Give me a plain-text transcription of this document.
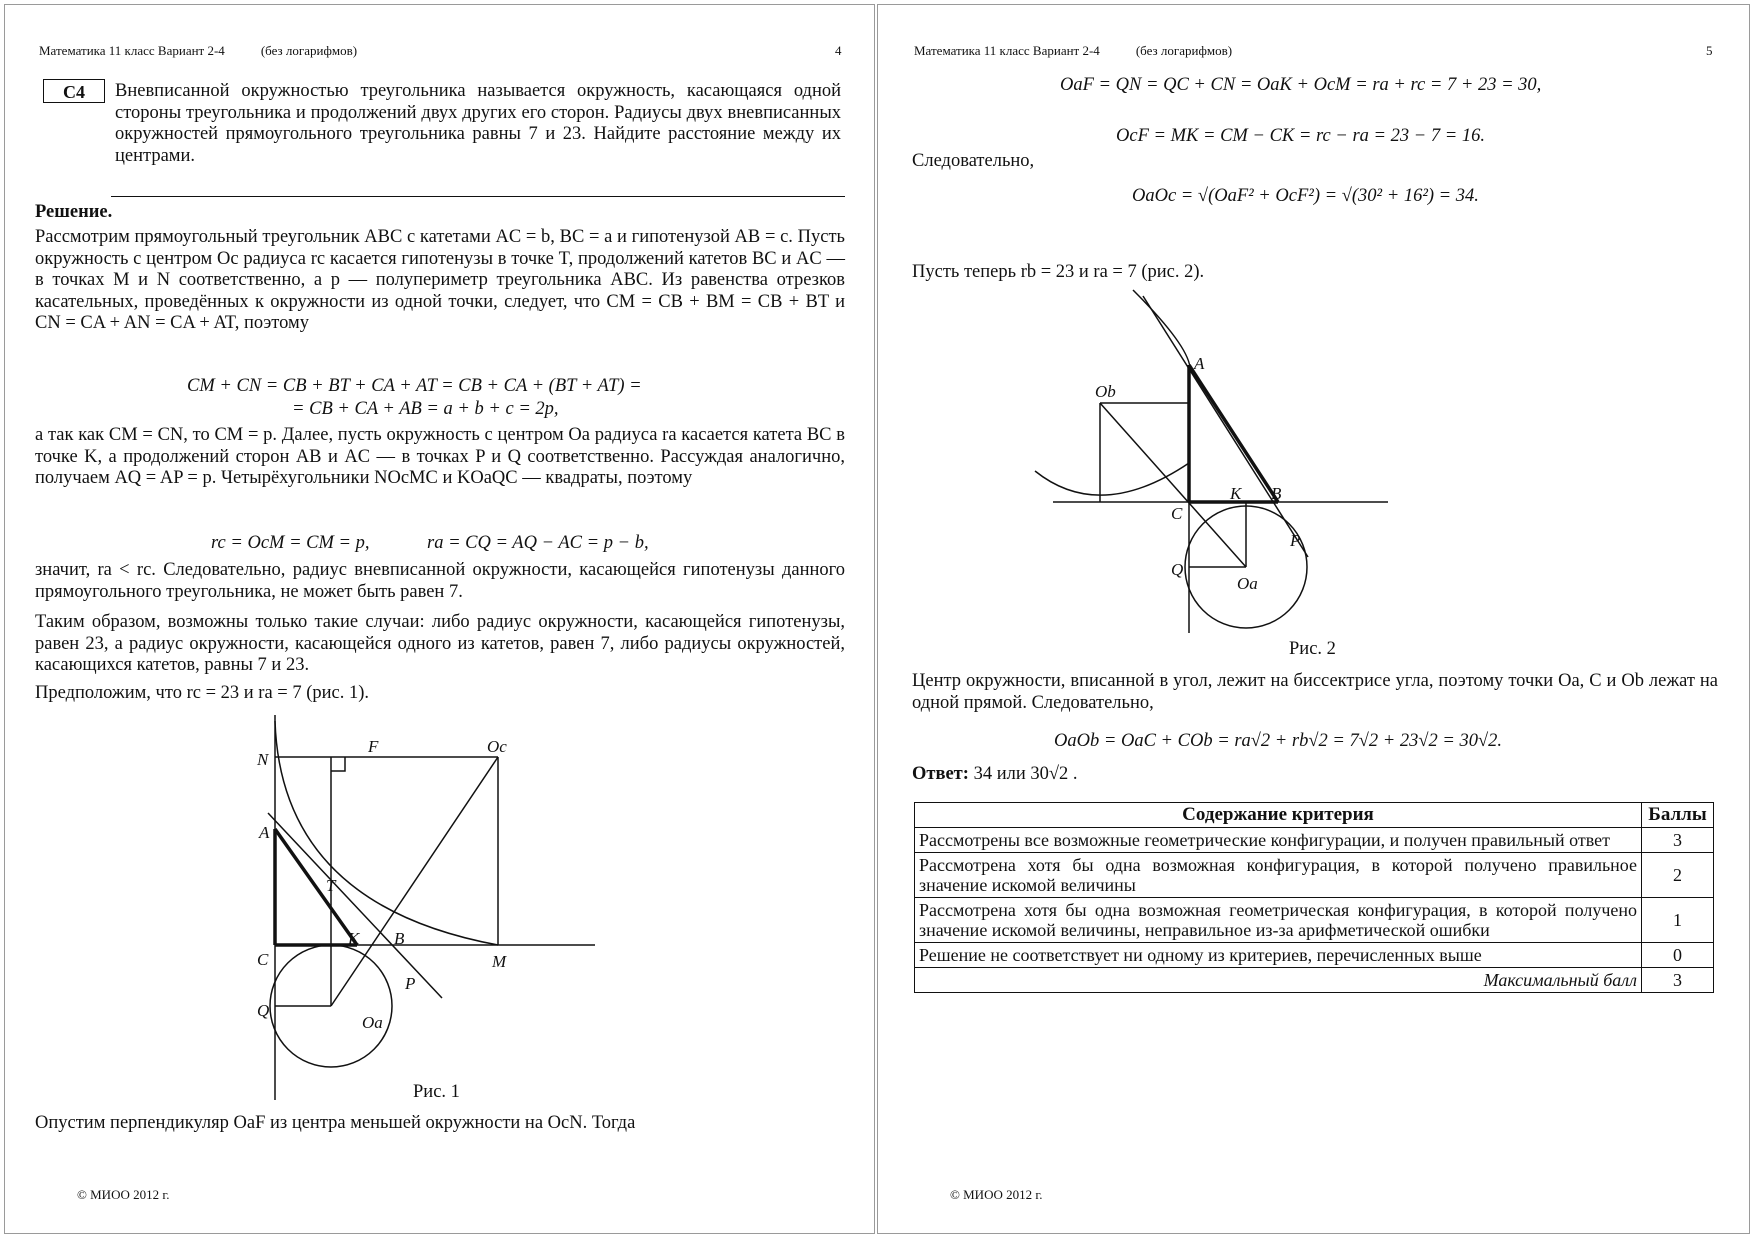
Математика 11 класс Вариант 2-4	(без логарифмов)	4
C4	Вневписанной окружностью треугольника называется окружность, касающаяся одной стороны треугольника и продолжений двух других его сторон. Радиусы двух вневписанных окружностей прямоугольного треугольника равны 7 и 23. Найдите расстояние между их центрами.
Решение.
Рассмотрим прямоугольный треугольник ABC с катетами AC = b, BC = a и гипотенузой AB = c. Пусть окружность с центром Oc радиуса rc касается гипотенузы в точке T, продолжений катетов BC и AC — в точках M и N соответственно, а p — полупериметр треугольника ABC. Из равенства отрезков касательных, проведённых к окружности из одной точки, следует, что CM = CB + BM = CB + BT и CN = CA + AN = CA + AT, поэтому
CM + CN = CB + BT + CA + AT = CB + CA + (BT + AT) =
= CB + CA + AB = a + b + c = 2p,
а так как CM = CN, то CM = p. Далее, пусть окружность с центром Oa радиуса ra касается катета BC в точке K, а продолжений сторон AB и AC — в точках P и Q соответственно. Рассуждая аналогично, получаем AQ = AP = p. Четырёхугольники NOcMC и KOaQC — квадраты, поэтому
rc = OcM = CM = p,	ra = CQ = AQ − AC = p − b,
значит, ra < rc. Следовательно, радиус вневписанной окружности, касающейся гипотенузы данного прямоугольного треугольника, не может быть равен 7.
Таким образом, возможны только такие случаи: либо радиус окружности, касающейся гипотенузы, равен 23, а радиус окружности, касающейся одного из катетов, равен 7, либо радиусы окружностей, касающихся катетов, равны 7 и 23.
Предположим, что rc = 23 и ra = 7 (рис. 1).
N
F	Oc
A
T
K B
C	M
P
Q
Oa
Рис. 1
Опустим перпендикуляр OaF из центра меньшей окружности на OcN. Тогда
© МИОО 2012 г.
Математика 11 класс Вариант 2-4	(без логарифмов)	5
OaF = QN = QC + CN = OaK + OcM = ra + rc = 7 + 23 = 30,
OcF = MK = CM − CK = rc − ra = 23 − 7 = 16.
Следовательно,
OaOc = √(OaF² + OcF²) = √(30² + 16²) = 34.
Пусть теперь rb = 23 и ra = 7 (рис. 2).
A
Ob
K B
C
P
Q
Oa
Рис. 2
Центр окружности, вписанной в угол, лежит на биссектрисе угла, поэтому точки Oa, C и Ob лежат на одной прямой. Следовательно,
OaOb = OaC + COb = ra√2 + rb√2 = 7√2 + 23√2 = 30√2.
Ответ: 34 или 30√2 .
Содержание критерия	Баллы
Рассмотрены все возможные геометрические конфигурации, и получен правильный ответ	3
Рассмотрена хотя бы одна возможная конфигурация, в которой получено правильное значение искомой величины	2
Рассмотрена хотя бы одна возможная геометрическая конфигурация, в которой получено значение искомой величины, неправильное из-за арифметической ошибки	1
Решение не соответствует ни одному из критериев, перечисленных выше	0
Максимальный балл	3
© МИОО 2012 г.
